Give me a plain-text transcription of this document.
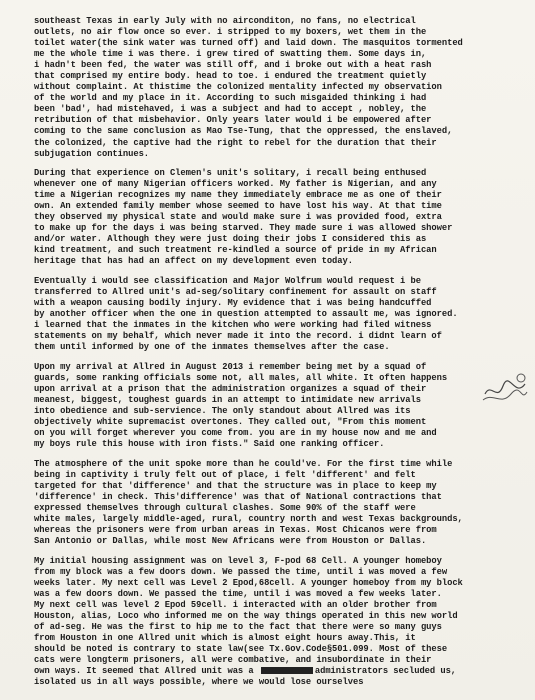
southeast Texas in early July with no airconditon, no fans, no electrical
outlets, no air flow once so ever. i stripped to my boxers, wet them in the
toilet water(the sink water was turned off) and laid down. The masquitos tormented
me the whole time i was there. i grew tired of swatting them. Some days in,
i hadn't been fed, the water was still off, and i broke out with a heat rash
that comprised my entire body. head to toe. i endured the treatment quietly
without complaint. At thistime the colonized mentality infected my observation
of the world and my place in it. According to such misgaided thinking i had
been 'bad', had mistehaved, i was a subject and had to accept , nobley, the
retribution of that misbehavior. Only years later would i be empowered after
coming to the same conclusion as Mao Tse-Tung, that the oppressed, the enslaved,
the colonized, the captive had the right to rebel for the duration that their
subjugation continues.
During that experience on Clemen's unit's solitary, i recall being enthused
whenever one of many Nigerian officers worked. My father is Nigerian, and any
time a Nigerian recognizes my name they immediately embrace me as one of their
own. An extended family member whose seemed to have lost his way. At that time
they observed my physical state and would make sure i was provided food, extra
to make up for the days i was being starved. They made sure i was allowed shower
and/or water. Although they were just doing their jobs I considered this as
kind treatment, and such treatment re-kindled a source of pride in my African
heritage that has had an affect on my development even today.
Eventually i would see classification and Major Wolfrum would request i be
transferred to Allred unit's ad-seg/solitary confinement for assault on staff
with a weapon causing bodily injury. My evidence that i was being handcuffed
by another officer when the one in question attempted to assault me, was ignored.
i learned that the inmates in the kitchen who were working had filed witness
statements on my behalf, which never made it into the record. i didnt learn of
them until informed by one of the inmates themselves after the case.
Upon my arrival at Allred in August 2013 i remember being met by a squad of
guards, some ranking officials some not, all males, all white. It often happens
upon arrival at a prison that the administration organizes a squad of their
meanest, biggest, toughest guards in an attempt to intimidate new arrivals
into obedience and sub-servience. The only standout about Allred was its
objectively white supremacist overtones. They called out, "From this moment
on you will forget wherever you come from. you are in my house now and me and
my boys rule this house with iron fists." Said one ranking officer.
The atmosphere of the unit spoke more than he could've. For the first time while
being in captivity i truly felt out of place, i felt 'different' and felt
targeted for that 'difference' and that the structure was in place to keep my
'difference' in check. This'difference' was that of National contractions that
expressed themselves through cultural clashes. Some 90% of the staff were
white males, largely middle-aged, rural, country north and west Texas backgrounds,
whereas the prisoners were from urban areas in Texas. Most Chicanos were from
San Antonio or Dallas, while most New Africans were from Houston or Dallas.
My initial housing assignment was on level 3, F-pod 68 Cell. A younger homeboy
from my block was a few doors down. We passed the time, until i was moved a few
weeks later. My next cell was Level 2 Epod,68cell. A younger homeboy from my block
was a few doors down. We passed the time, until i was moved a few weeks later.
My next cell was level 2 Epod 59cell. i interacted with an older brother from
Houston, alias, Loco who informed me on the way things operated in this new world
of ad-seg. He was the first to hip me to the fact that there were so many guys
from Houston in one Allred unit which is almost eight hours away.This, it
should be noted is contrary to state law(see Tx.Gov.Code§501.099. Most of these
cats were longterm prisoners, all were combative, and insubordinate in their
own ways. It seemed that Allred unit was a	administrators secluded us,
isolated us in all ways possible, where we would lose ourselves
